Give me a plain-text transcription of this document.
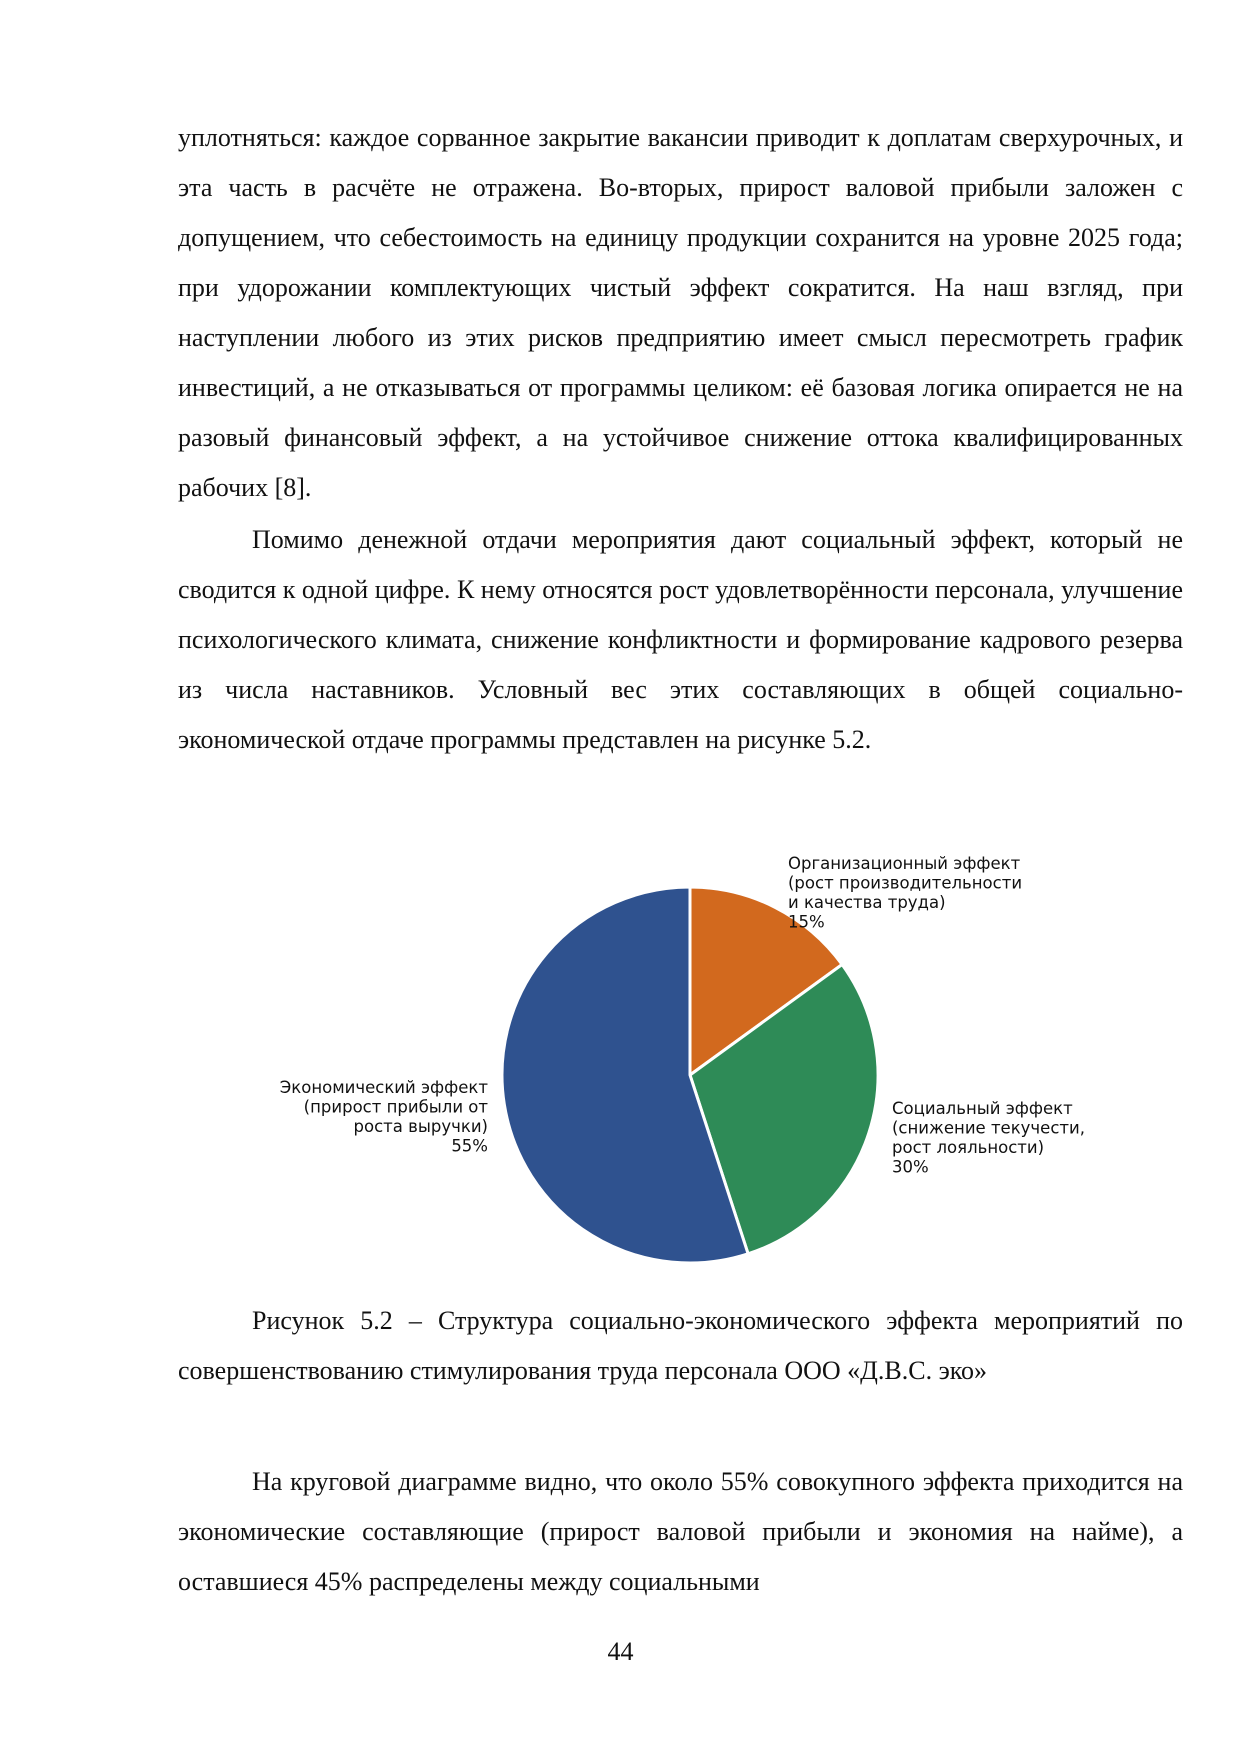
уплотняться: каждое сорванное закрытие вакансии приводит к доплатам сверхурочных, и эта часть в расчёте не отражена. Во-вторых, прирост валовой прибыли заложен с допущением, что себестоимость на единицу продукции сохранится на уровне 2025 года; при удорожании комплектующих чистый эффект сократится. На наш взгляд, при наступлении любого из этих рисков предприятию имеет смысл пересмотреть график инвестиций, а не отказываться от программы целиком: её базовая логика опирается не на разовый финансовый эффект, а на устойчивое снижение оттока квалифицированных рабочих [8].

Помимо денежной отдачи мероприятия дают социальный эффект, который не сводится к одной цифре. К нему относятся рост удовлетворённости персонала, улучшение психологического климата, снижение конфликтности и формирование кадрового резерва из числа наставников. Условный вес этих составляющих в общей социально-экономической отдаче программы представлен на рисунке 5.2.

Организационный эффект (рост производительности и качества труда) 15%
Социальный эффект (снижение текучести, рост лояльности) 30%
Экономический эффект (прирост прибыли от роста выручки) 55%

Рисунок 5.2 – Структура социально-экономического эффекта мероприятий по совершенствованию стимулирования труда персонала ООО «Д.В.С. эко»

На круговой диаграмме видно, что около 55% совокупного эффекта приходится на экономические составляющие (прирост валовой прибыли и экономия на найме), а оставшиеся 45% распределены между социальными

44
